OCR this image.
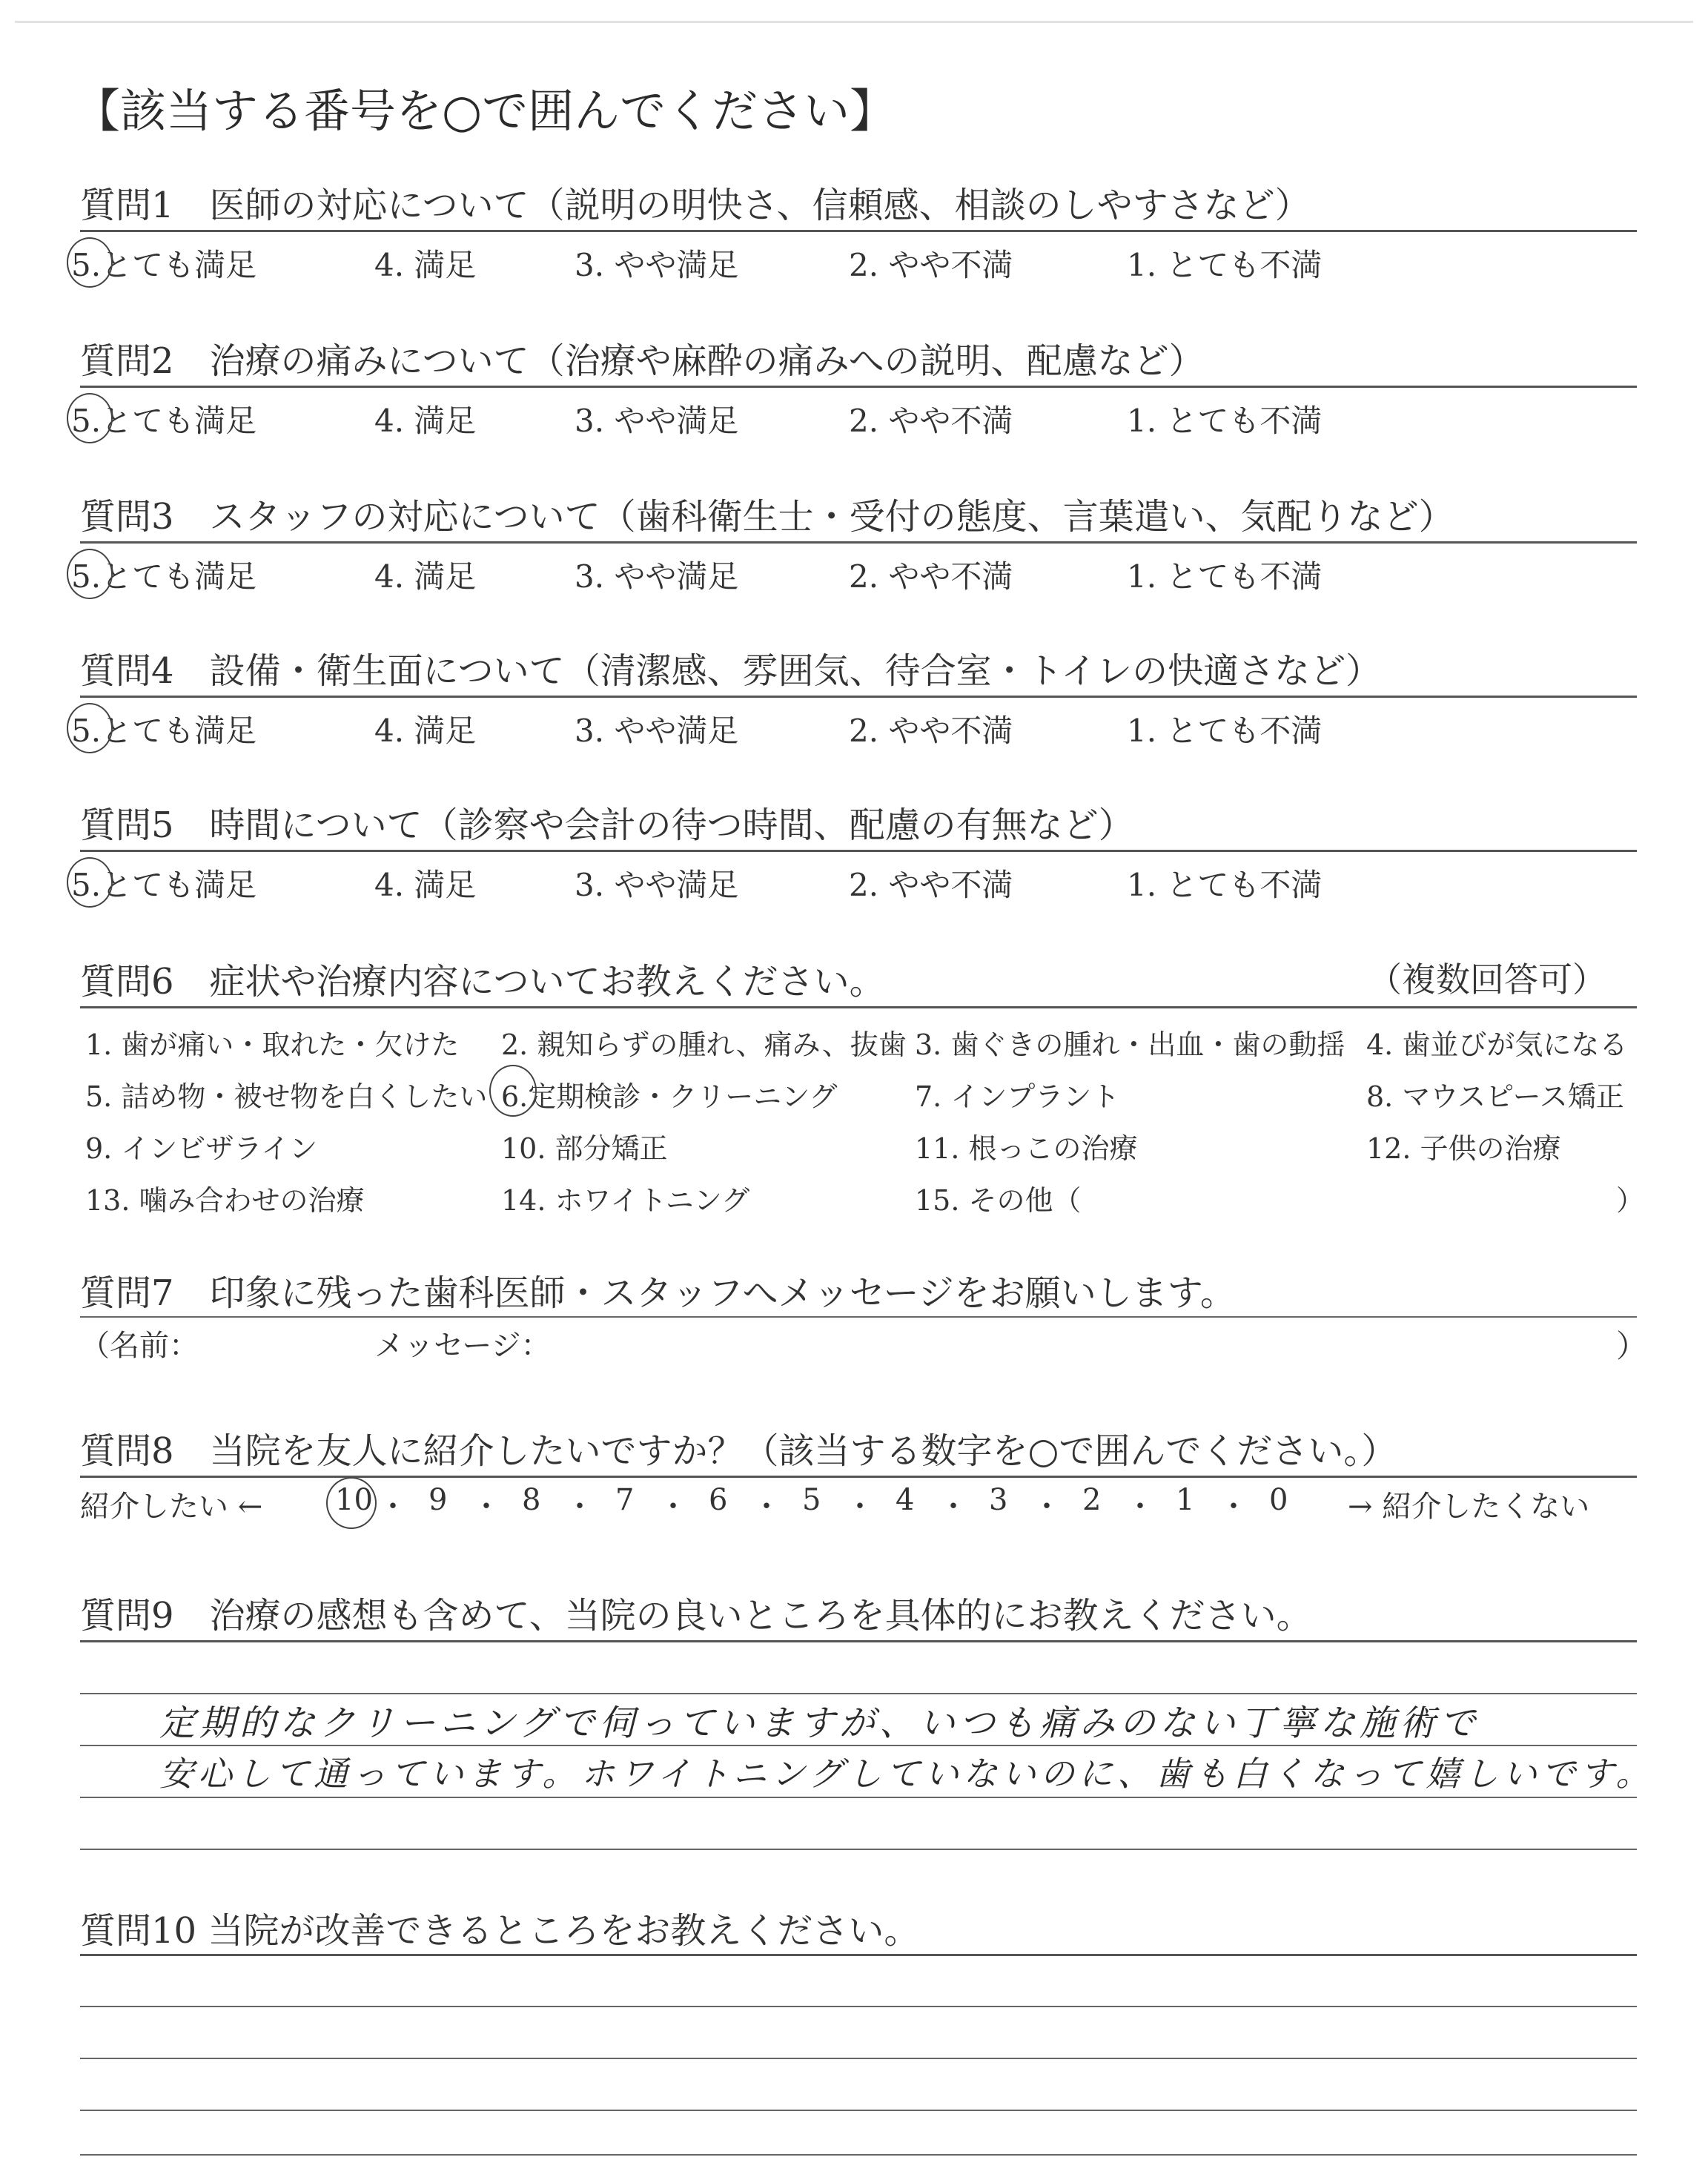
【該当する番号を○で囲んでください】
質問1　医師の対応について（説明の明快さ、信頼感、相談のしやすさなど）
5.とても満足	4. 満足	3. やや満足	2. やや不満	1. とても不満
質問2　治療の痛みについて（治療や麻酔の痛みへの説明、配慮など）
5.とても満足	4. 満足	3. やや満足	2. やや不満	1. とても不満
質問3　スタッフの対応について（歯科衛生士・受付の態度、言葉遣い、気配りなど）
5.とても満足	4. 満足	3. やや満足	2. やや不満	1. とても不満
質問4　設備・衛生面について（清潔感、雰囲気、待合室・トイレの快適さなど）
5.とても満足	4. 満足	3. やや満足	2. やや不満	1. とても不満
質問5　時間について（診察や会計の待つ時間、配慮の有無など）
5.とても満足	4. 満足	3. やや満足	2. やや不満	1. とても不満
質問6　症状や治療内容についてお教えください。	（複数回答可）
1. 歯が痛い・取れた・欠けた 2. 親知らずの腫れ、痛み、抜歯 3. 歯ぐきの腫れ・出血・歯の動揺 4. 歯並びが気になる
5. 詰め物・被せ物を白くしたい 6.定期検診・クリーニング	7. インプラント	8. マウスピース矯正
9. インビザライン	10. 部分矯正	11. 根っこの治療	12. 子供の治療
13. 噛み合わせの治療	14. ホワイトニング	15. その他（	）
質問7　印象に残った歯科医師・スタッフへメッセージをお願いします。
（名前：	メッセージ：	）
質問8　当院を友人に紹介したいですか？（該当する数字を○で囲んでください。）
紹介したい ← 10 ・ 9 ・ 8 ・ 7 ・ 6 ・ 5 ・ 4 ・ 3 ・ 2 ・ 1 ・ 0 → 紹介したくない
質問9　治療の感想も含めて、当院の良いところを具体的にお教えください。
定期的なクリーニングで伺っていますが、いつも痛みのない丁寧な施術で
安心して通っています。ホワイトニングしていないのに、歯も白くなって嬉しいです。
質問10 当院が改善できるところをお教えください。
